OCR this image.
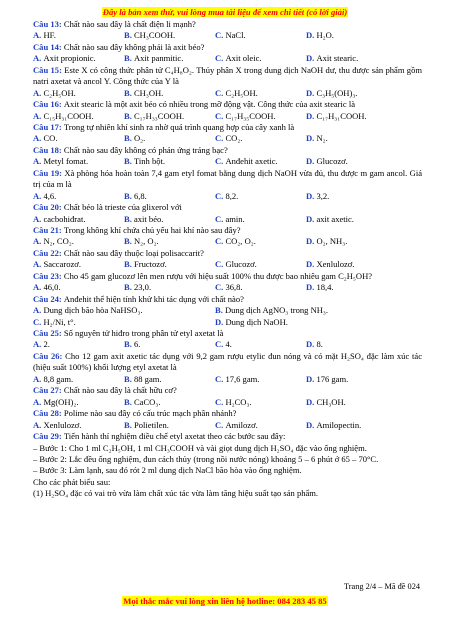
Đây là bản xem thử, vui lòng mua tài liệu để xem chi tiết (có lời giải)
Câu 13: Chất nào sau đây là chất điện li mạnh?
A. HF.	B. CH₃COOH.	C. NaCl.	D. H₂O.
Câu 14: Chất nào sau đây không phải là axit béo?
A. Axit propionic.	B. Axit panmitic.	C. Axit oleic.	D. Axit stearic.
Câu 15: Este X có công thức phân tử C₄H₈O₂. Thủy phân X trong dung dịch NaOH dư, thu được sản phẩm gồm natri axetat và ancol Y. Công thức của Y là
A. C₂H₅OH.	B. CH₃OH.	C. C₂H₅OH.	D. C₃H₅(OH)₃.
Câu 16: Axit stearic là một axit béo có nhiều trong mỡ động vật. Công thức của axit stearic là
A. C₁₅H₃₁COOH.	B. C₁₇H₃₃COOH.	C. C₁₇H₃₅COOH.	D. C₁₇H₃₁COOH.
Câu 17: Trong tự nhiên khí sinh ra nhờ quá trình quang hợp của cây xanh là
A. CO.	B. O₂.	C. CO₂.	D. N₂.
Câu 18: Chất nào sau đây không có phản ứng tráng bạc?
A. Metyl fomat.	B. Tinh bột.	C. Anđehit axetic.	D. Glucozơ.
Câu 19: Xà phòng hóa hoàn toàn 7,4 gam etyl fomat bằng dung dịch NaOH vừa đủ, thu được m gam ancol. Giá trị của m là
A. 4,6.	B. 6,8.	C. 8,2.	D. 3,2.
Câu 20: Chất béo là trieste của glixerol với
A. cacbohiđrat.	B. axit béo.	C. amin.	D. axit axetic.
Câu 21: Trong không khí chứa chủ yếu hai khí nào sau đây?
A. N₂, CO₂.	B. N₂, O₂.	C. CO₂, O₂.	D. O₂, NH₃.
Câu 22: Chất nào sau đây thuộc loại polisaccarit?
A. Saccarozơ.	B. Fructozơ.	C. Glucozơ.	D. Xenlulozơ.
Câu 23: Cho 45 gam glucozơ lên men rượu với hiệu suất 100% thu được bao nhiêu gam C₂H₅OH?
A. 46,0.	B. 23,0.	C. 36,8.	D. 18,4.
Câu 24: Anđehit thể hiện tính khử khi tác dụng với chất nào?
A. Dung dịch bão hòa NaHSO₃.	B. Dung dịch AgNO₃ trong NH₃.
C. H₂/Ni, t°.	D. Dung dịch NaOH.
Câu 25: Số nguyên tử hiđro trong phân tử etyl axetat là
A. 2.	B. 6.	C. 4.	D. 8.
Câu 26: Cho 12 gam axit axetic tác dụng với 9,2 gam rượu etylic đun nóng và có mặt H₂SO₄ đặc làm xúc tác (hiệu suất 100%) khối lượng etyl axetat là
A. 8,8 gam.	B. 88 gam.	C. 17,6 gam.	D. 176 gam.
Câu 27: Chất nào sau đây là chất hữu cơ?
A. Mg(OH)₂.	B. CaCO₃.	C. H₂CO₃.	D. CH₃OH.
Câu 28: Polime nào sau đây có cấu trúc mạch phân nhánh?
A. Xenlulozơ.	B. Polietilen.	C. Amilozơ.	D. Amilopectin.
Câu 29: Tiến hành thí nghiệm điều chế etyl axetat theo các bước sau đây:
– Bước 1: Cho 1 ml C₂H₅OH, 1 ml CH₃COOH và vài giọt dung dịch H₂SO₄ đặc vào ống nghiệm.
– Bước 2: Lắc đều ống nghiệm, đun cách thủy (trong nồi nước nóng) khoảng 5 – 6 phút ở 65 – 70°C.
– Bước 3: Làm lạnh, sau đó rót 2 ml dung dịch NaCl bão hòa vào ống nghiệm.
Cho các phát biểu sau:
(1) H₂SO₄ đặc có vai trò vừa làm chất xúc tác vừa làm tăng hiệu suất tạo sản phẩm.
Trang 2/4 – Mã đề 024
Mọi thắc mắc vui lòng xin liên hệ hotline: 084 283 45 85
